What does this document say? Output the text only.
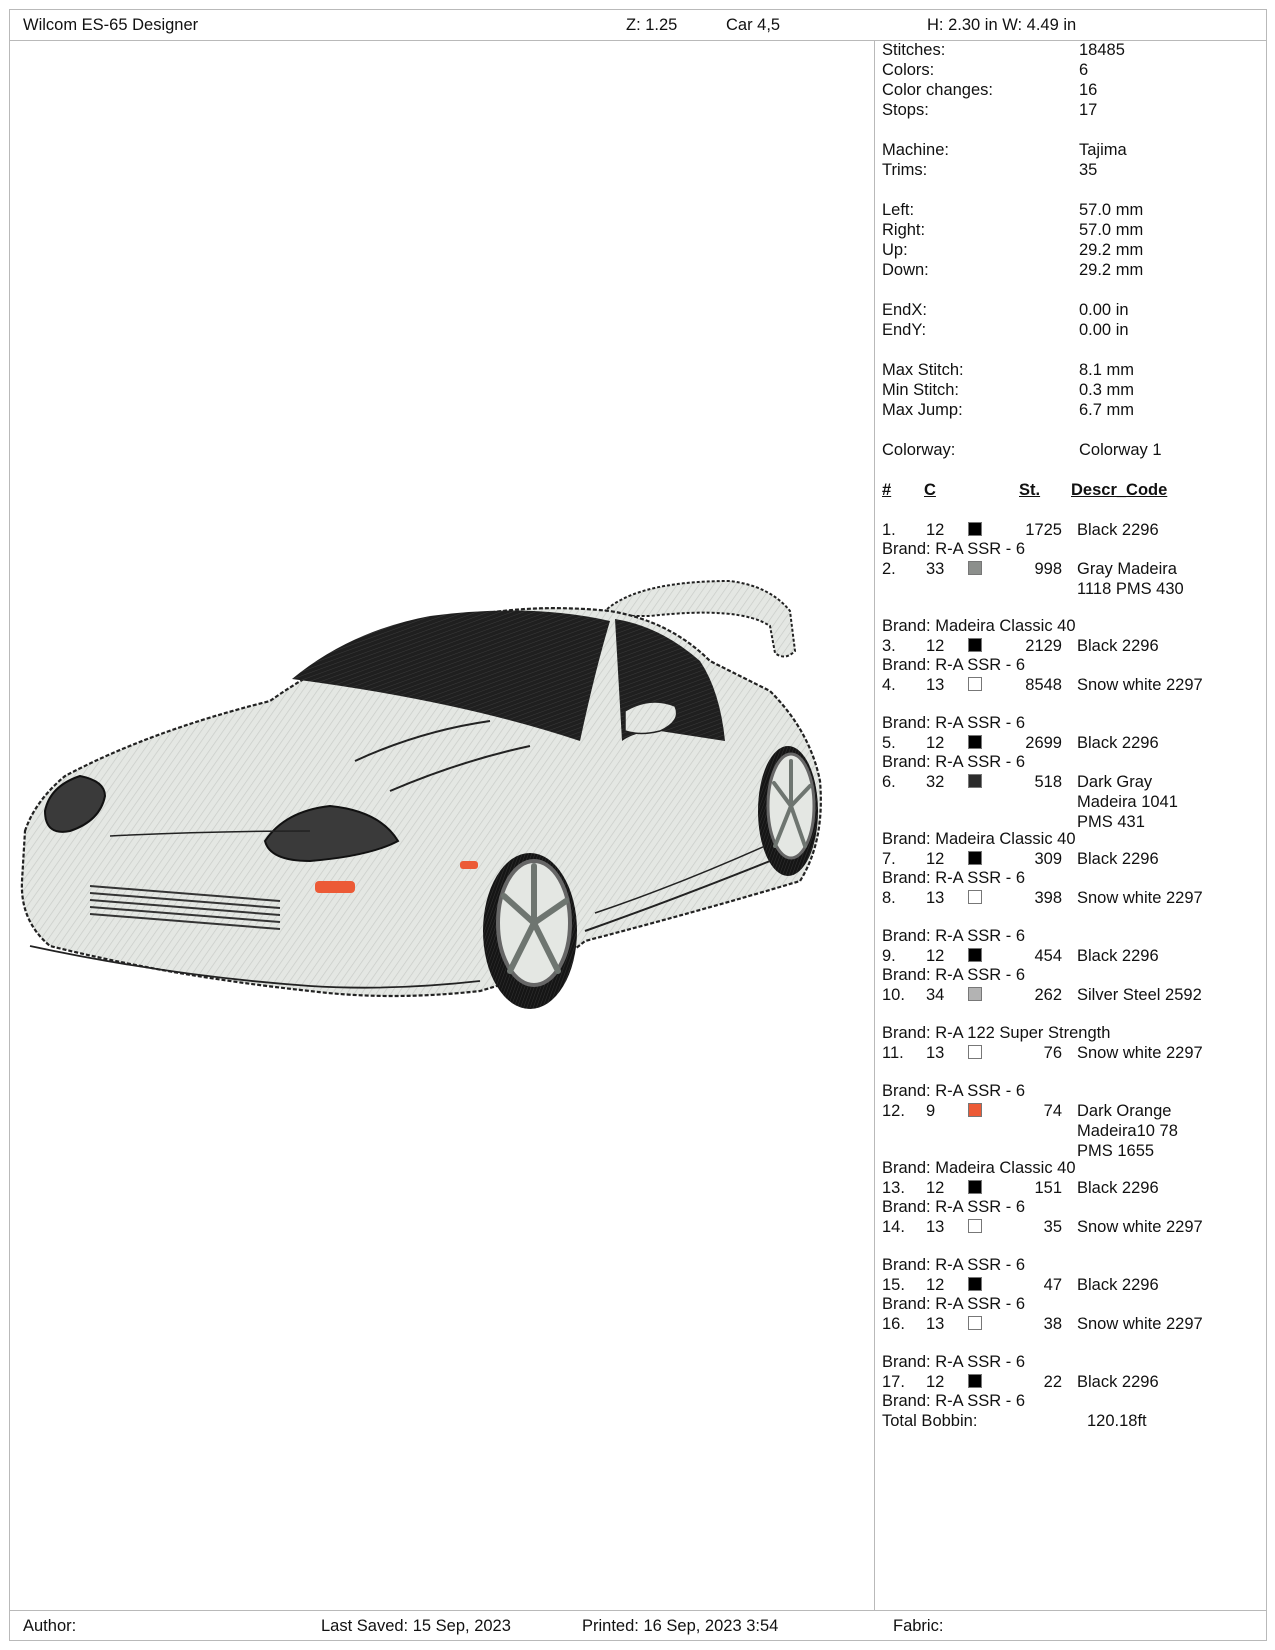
Wilcom ES-65 Designer	Z: 1.25	Car 4,5	H: 2.30 in W: 4.49 in
Stitches:	18485
Colors:	6
Color changes:	16
Stops:	17
Machine:	Tajima
Trims:	35
Left:	57.0 mm
Right:	57.0 mm
Up:	29.2 mm
Down:	29.2 mm
EndX:	0.00 in
EndY:	0.00 in
Max Stitch:	8.1 mm
Min Stitch:	0.3 mm
Max Jump:	6.7 mm
Colorway:	Colorway 1
# C	St. Descr_Code
1. 12	1725 Black 2296
Brand: R-A SSR - 6
2. 33	998 Gray Madeira 1118 PMS 430
Brand: Madeira Classic 40
3. 12	2129 Black 2296
Brand: R-A SSR - 6
4. 13	8548 Snow white 2297
Brand: R-A SSR - 6
5. 12	2699 Black 2296
Brand: R-A SSR - 6
6. 32	518 Dark Gray Madeira 1041 PMS 431
Brand: Madeira Classic 40
7. 12	309 Black 2296
Brand: R-A SSR - 6
8. 13	398 Snow white 2297
Brand: R-A SSR - 6
9. 12	454 Black 2296
Brand: R-A SSR - 6
10. 34	262 Silver Steel 2592
Brand: R-A 122 Super Strength
11. 13	76 Snow white 2297
Brand: R-A SSR - 6
12. 9	74 Dark Orange Madeira10 78 PMS 1655
Brand: Madeira Classic 40
13. 12	151 Black 2296
Brand: R-A SSR - 6
14. 13	35 Snow white 2297
Brand: R-A SSR - 6
15. 12	47 Black 2296
Brand: R-A SSR - 6
16. 13	38 Snow white 2297
Brand: R-A SSR - 6
17. 12	22 Black 2296
Brand: R-A SSR - 6
Total Bobbin:	120.18ft
Author:	Last Saved: 15 Sep, 2023	Printed: 16 Sep, 2023 3:54	Fabric:
